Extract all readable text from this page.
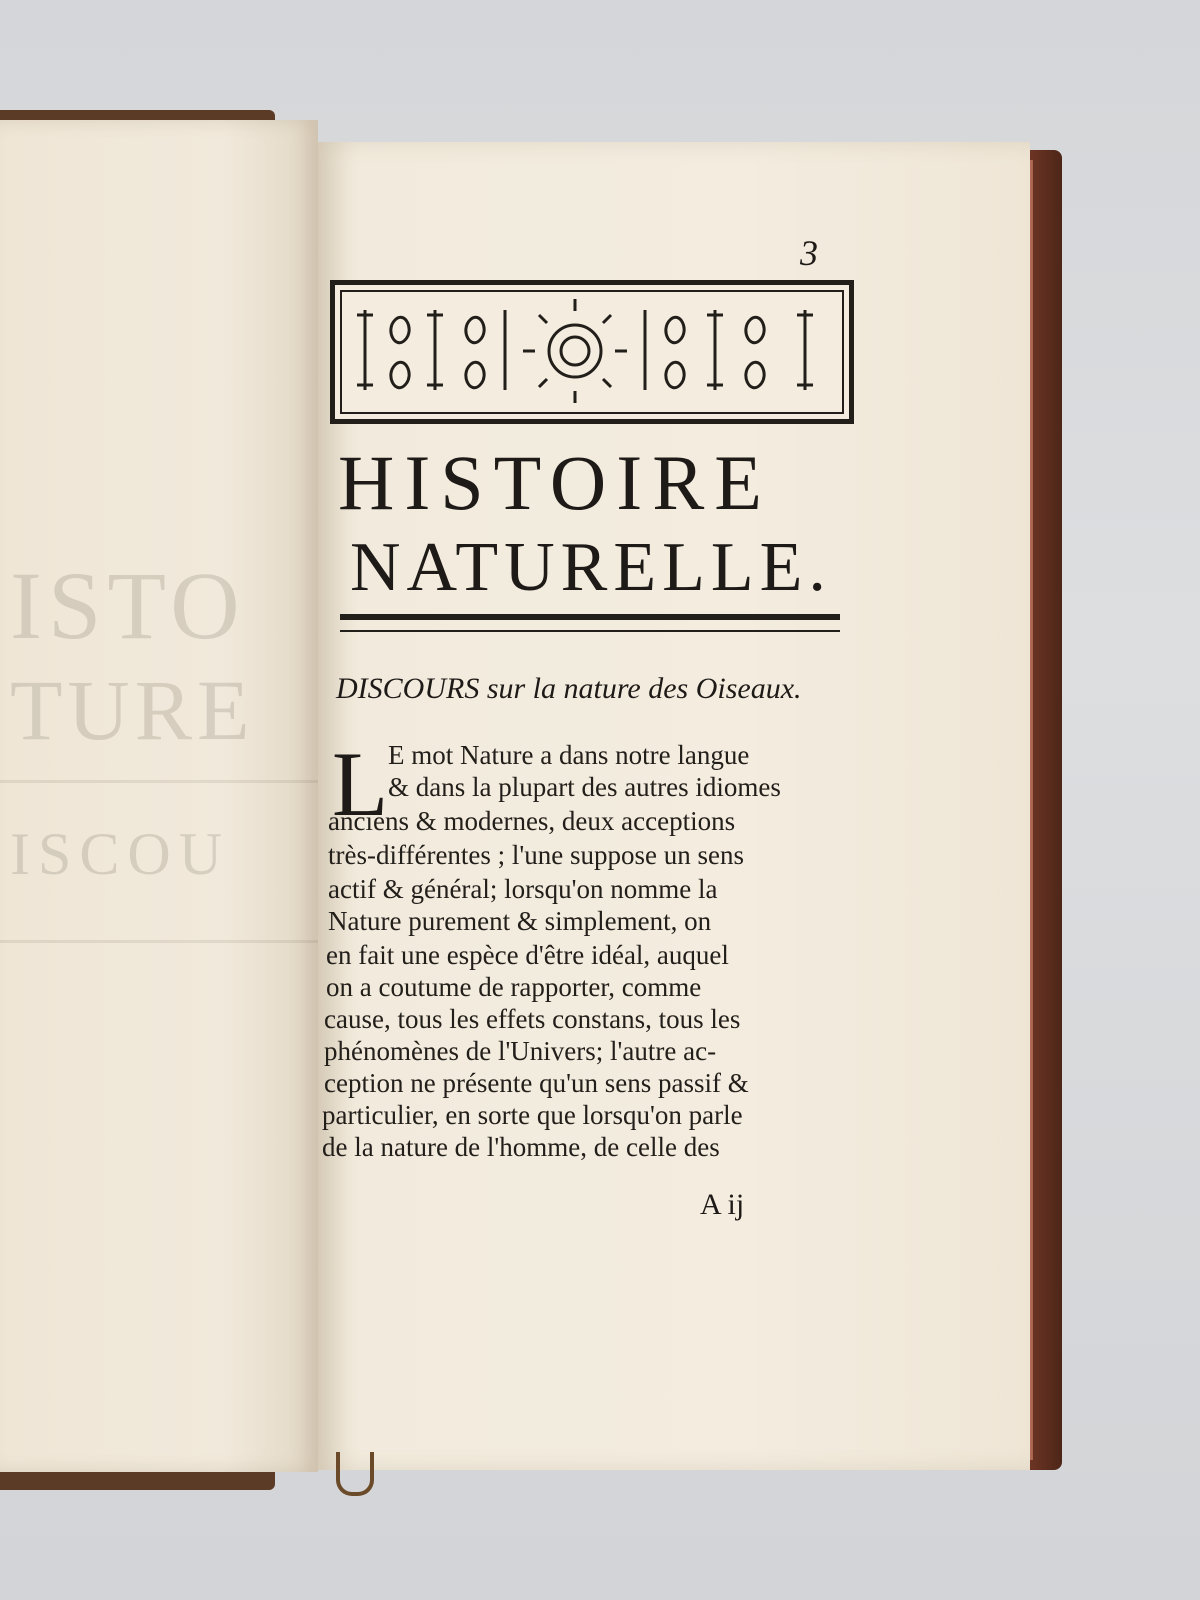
ISTO
TURE
ISCOU
3
HISTOIRE
NATURELLE.
DISCOURS sur la nature des Oiseaux.
L E mot Nature a dans notre langue
& dans la plupart des autres idiomes
anciens & modernes, deux acceptions
très-différentes ; l'une suppose un sens
actif & général; lorsqu'on nomme la
Nature purement & simplement, on
en fait une espèce d'être idéal, auquel
on a coutume de rapporter, comme
cause, tous les effets constans, tous les
phénomènes de l'Univers; l'autre ac-
ception ne présente qu'un sens passif &
particulier, en sorte que lorsqu'on parle
de la nature de l'homme, de celle des
A ij
